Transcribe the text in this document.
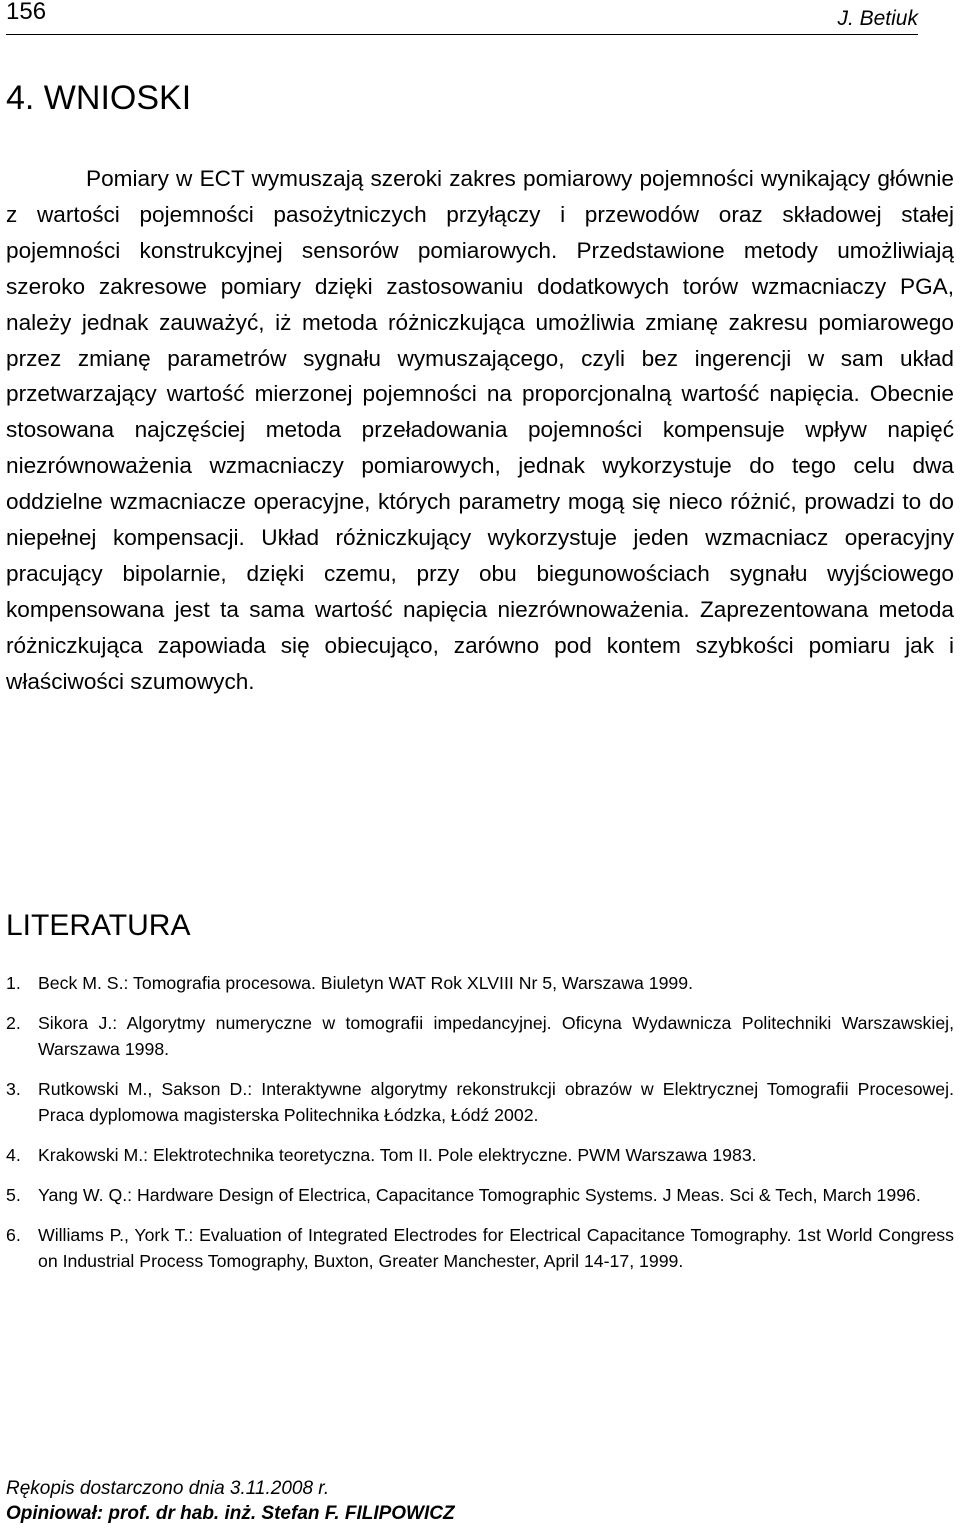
156	J. Betiuk
4. WNIOSKI

Pomiary w ECT wymuszają szeroki zakres pomiarowy pojemności wynikający głównie z wartości pojemności pasożytniczych przyłączy i przewodów oraz składowej stałej pojemności konstrukcyjnej sensorów pomiarowych. Przedstawione metody umożliwiają szeroko zakresowe pomiary dzięki zastosowaniu dodatkowych torów wzmacniaczy PGA, należy jednak zauważyć, iż metoda różniczkująca umożliwia zmianę zakresu pomiarowego przez zmianę parametrów sygnału wymuszającego, czyli bez ingerencji w sam układ przetwarzający wartość mierzonej pojemności na proporcjonalną wartość napięcia. Obecnie stosowana najczęściej metoda przeładowania pojemności kompensuje wpływ napięć niezrównoważenia wzmacniaczy pomiarowych, jednak wykorzystuje do tego celu dwa oddzielne wzmacniacze operacyjne, których parametry mogą się nieco różnić, prowadzi to do niepełnej kompensacji. Układ różniczkujący wykorzystuje jeden wzmacniacz operacyjny pracujący bipolarnie, dzięki czemu, przy obu biegunowościach sygnału wyjściowego kompensowana jest ta sama wartość napięcia niezrównoważenia. Zaprezentowana metoda różniczkująca zapowiada się obiecująco, zarówno pod kontem szybkości pomiaru jak i właściwości szumowych.

LITERATURA
1. Beck M. S.: Tomografia procesowa. Biuletyn WAT Rok XLVIII Nr 5, Warszawa 1999.
2. Sikora J.: Algorytmy numeryczne w tomografii impedancyjnej. Oficyna Wydawnicza Politechniki Warszawskiej, Warszawa 1998.
3. Rutkowski M., Sakson D.: Interaktywne algorytmy rekonstrukcji obrazów w Elektrycznej Tomografii Procesowej. Praca dyplomowa magisterska Politechnika Łódzka, Łódź 2002.
4. Krakowski M.: Elektrotechnika teoretyczna. Tom II. Pole elektryczne. PWM Warszawa 1983.
5. Yang W. Q.: Hardware Design of Electrica, Capacitance Tomographic Systems. J Meas. Sci & Tech, March 1996.
6. Williams P., York T.: Evaluation of Integrated Electrodes for Electrical Capacitance Tomography. 1st World Congress on Industrial Process Tomography, Buxton, Greater Manchester, April 14-17, 1999.
Rękopis dostarczono dnia 3.11.2008 r.
Opiniował: prof. dr hab. inż. Stefan F. FILIPOWICZ
